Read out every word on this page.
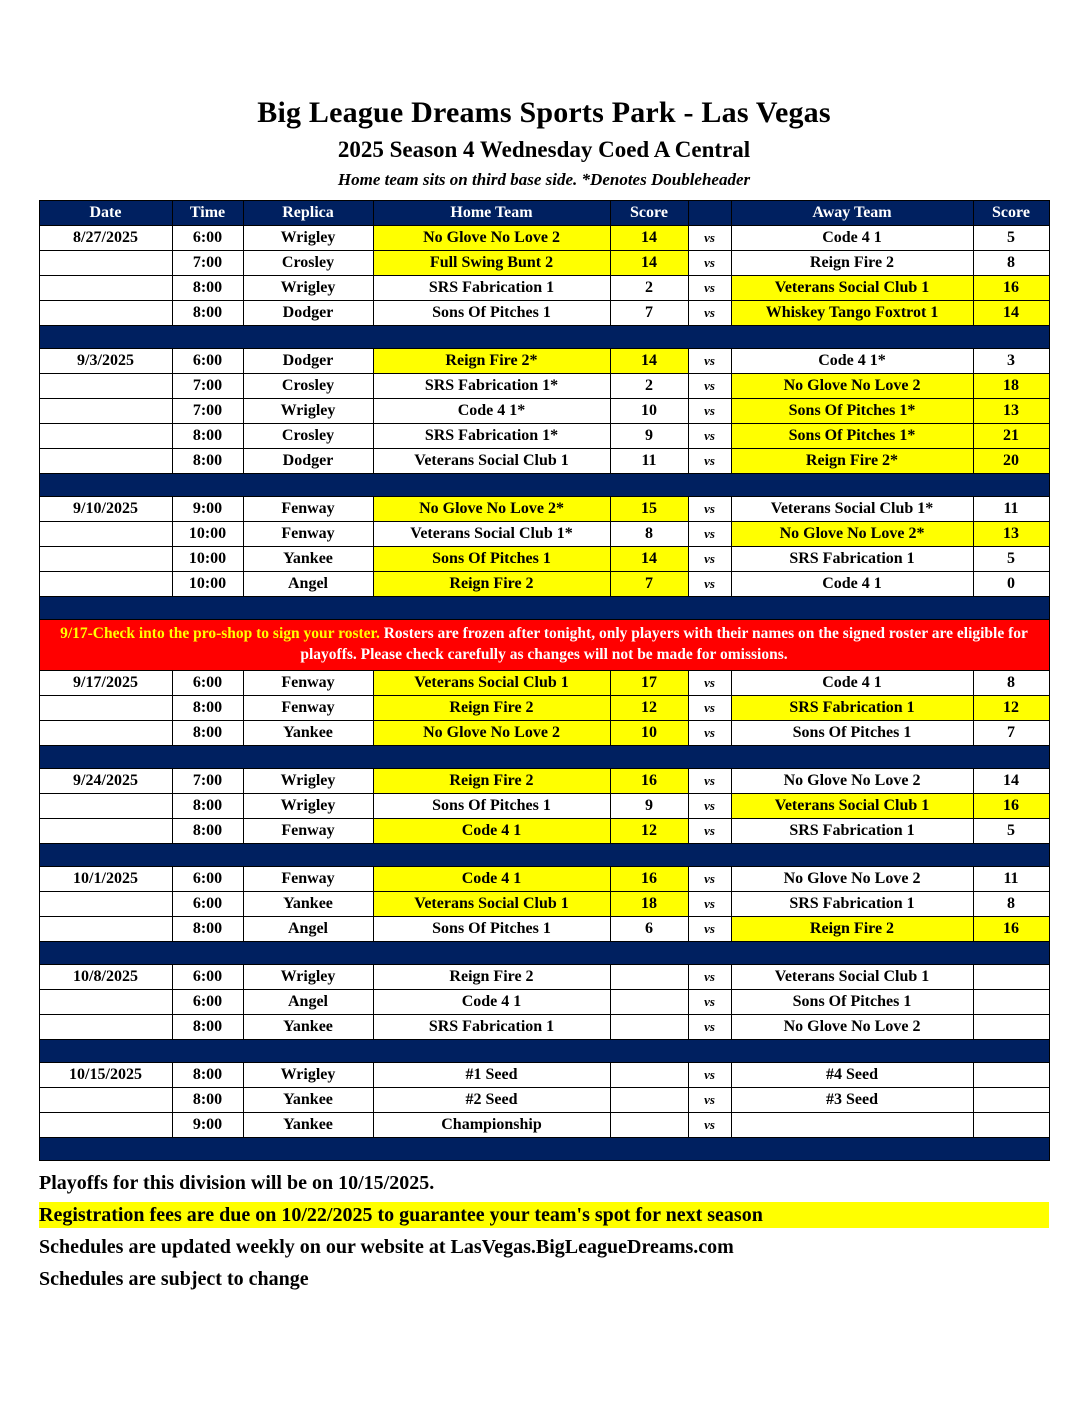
Big League Dreams Sports Park - Las Vegas
2025 Season 4 Wednesday Coed A Central
Home team sits on third base side. *Denotes Doubleheader
Date	Time	Replica	Home Team	Score		Away Team	Score
8/27/2025	6:00	Wrigley	No Glove No Love 2	14	vs	Code 4 1	5
	7:00	Crosley	Full Swing Bunt 2	14	vs	Reign Fire 2	8
	8:00	Wrigley	SRS Fabrication 1	2	vs	Veterans Social Club 1	16
	8:00	Dodger	Sons Of Pitches 1	7	vs	Whiskey Tango Foxtrot 1	14

9/3/2025	6:00	Dodger	Reign Fire 2*	14	vs	Code 4 1*	3
	7:00	Crosley	SRS Fabrication 1*	2	vs	No Glove No Love 2	18
	7:00	Wrigley	Code 4 1*	10	vs	Sons Of Pitches 1*	13
	8:00	Crosley	SRS Fabrication 1*	9	vs	Sons Of Pitches 1*	21
	8:00	Dodger	Veterans Social Club 1	11	vs	Reign Fire 2*	20

9/10/2025	9:00	Fenway	No Glove No Love 2*	15	vs	Veterans Social Club 1*	11
	10:00	Fenway	Veterans Social Club 1*	8	vs	No Glove No Love 2*	13
	10:00	Yankee	Sons Of Pitches 1	14	vs	SRS Fabrication 1	5
	10:00	Angel	Reign Fire 2	7	vs	Code 4 1	0

9/17-Check into the pro-shop to sign your roster. Rosters are frozen after tonight, only players with their names on the signed roster are eligible for playoffs. Please check carefully as changes will not be made for omissions.							
9/17/2025	6:00	Fenway	Veterans Social Club 1	17	vs	Code 4 1	8
	8:00	Fenway	Reign Fire 2	12	vs	SRS Fabrication 1	12
	8:00	Yankee	No Glove No Love 2	10	vs	Sons Of Pitches 1	7

9/24/2025	7:00	Wrigley	Reign Fire 2	16	vs	No Glove No Love 2	14
	8:00	Wrigley	Sons Of Pitches 1	9	vs	Veterans Social Club 1	16
	8:00	Fenway	Code 4 1	12	vs	SRS Fabrication 1	5

10/1/2025	6:00	Fenway	Code 4 1	16	vs	No Glove No Love 2	11
	6:00	Yankee	Veterans Social Club 1	18	vs	SRS Fabrication 1	8
	8:00	Angel	Sons Of Pitches 1	6	vs	Reign Fire 2	16

10/8/2025	6:00	Wrigley	Reign Fire 2		vs	Veterans Social Club 1	
	6:00	Angel	Code 4 1		vs	Sons Of Pitches 1	
	8:00	Yankee	SRS Fabrication 1		vs	No Glove No Love 2	

10/15/2025	8:00	Wrigley	#1 Seed		vs	#4 Seed	
	8:00	Yankee	#2 Seed		vs	#3 Seed	
	9:00	Yankee	Championship		vs		

Playoffs for this division will be on 10/15/2025.
Registration fees are due on 10/22/2025 to guarantee your team's spot for next season
Schedules are updated weekly on our website at LasVegas.BigLeagueDreams.com
Schedules are subject to change
